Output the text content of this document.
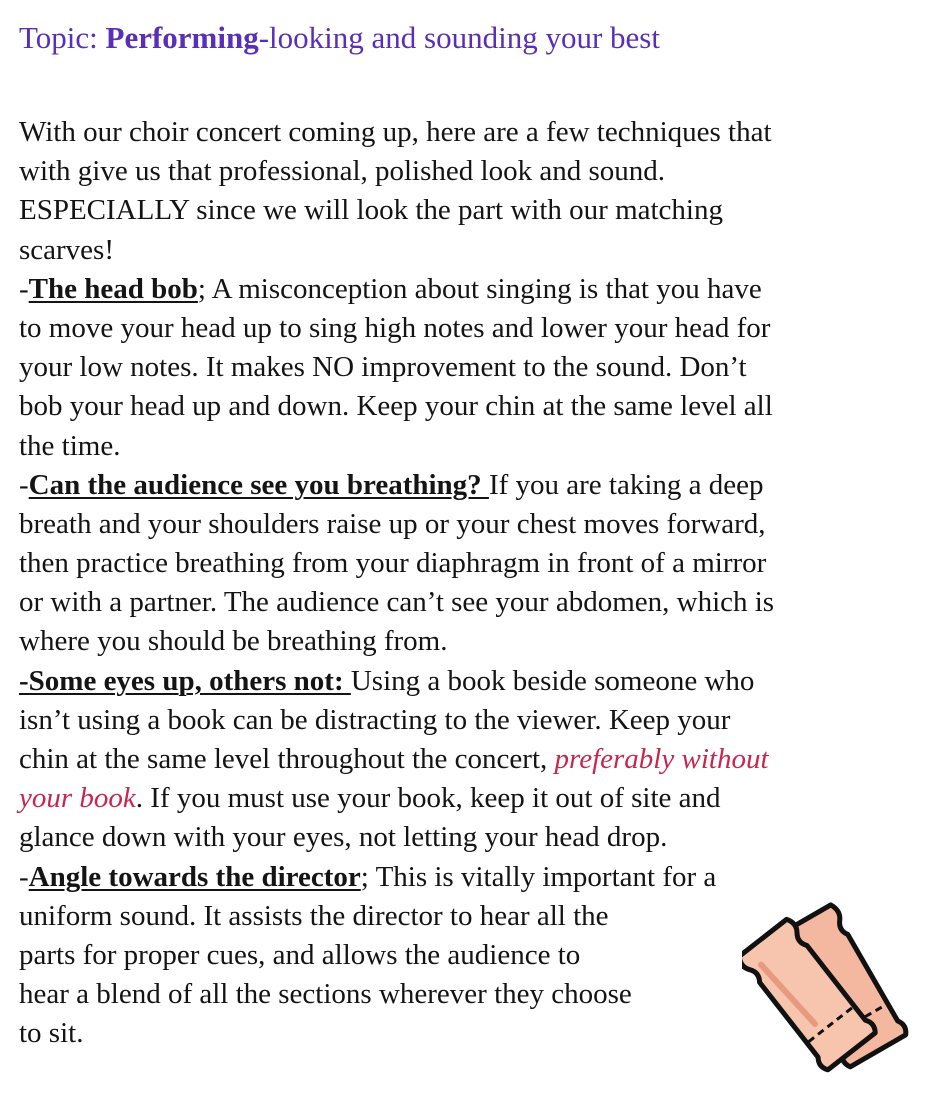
Topic: Performing-looking and sounding your best
With our choir concert coming up, here are a few techniques that
with give us that professional, polished look and sound.
ESPECIALLY since we will look the part with our matching
scarves!
-The head bob; A misconception about singing is that you have
to move your head up to sing high notes and lower your head for
your low notes. It makes NO improvement to the sound. Don’t
bob your head up and down. Keep your chin at the same level all
the time.
-Can the audience see you breathing? If you are taking a deep
breath and your shoulders raise up or your chest moves forward,
then practice breathing from your diaphragm in front of a mirror
or with a partner. The audience can’t see your abdomen, which is
where you should be breathing from.
-Some eyes up, others not: Using a book beside someone who
isn’t using a book can be distracting to the viewer. Keep your
chin at the same level throughout the concert, preferably without
your book. If you must use your book, keep it out of site and
glance down with your eyes, not letting your head drop.
-Angle towards the director; This is vitally important for a
uniform sound. It assists the director to hear all the
parts for proper cues, and allows the audience to
hear a blend of all the sections wherever they choose
to sit.
